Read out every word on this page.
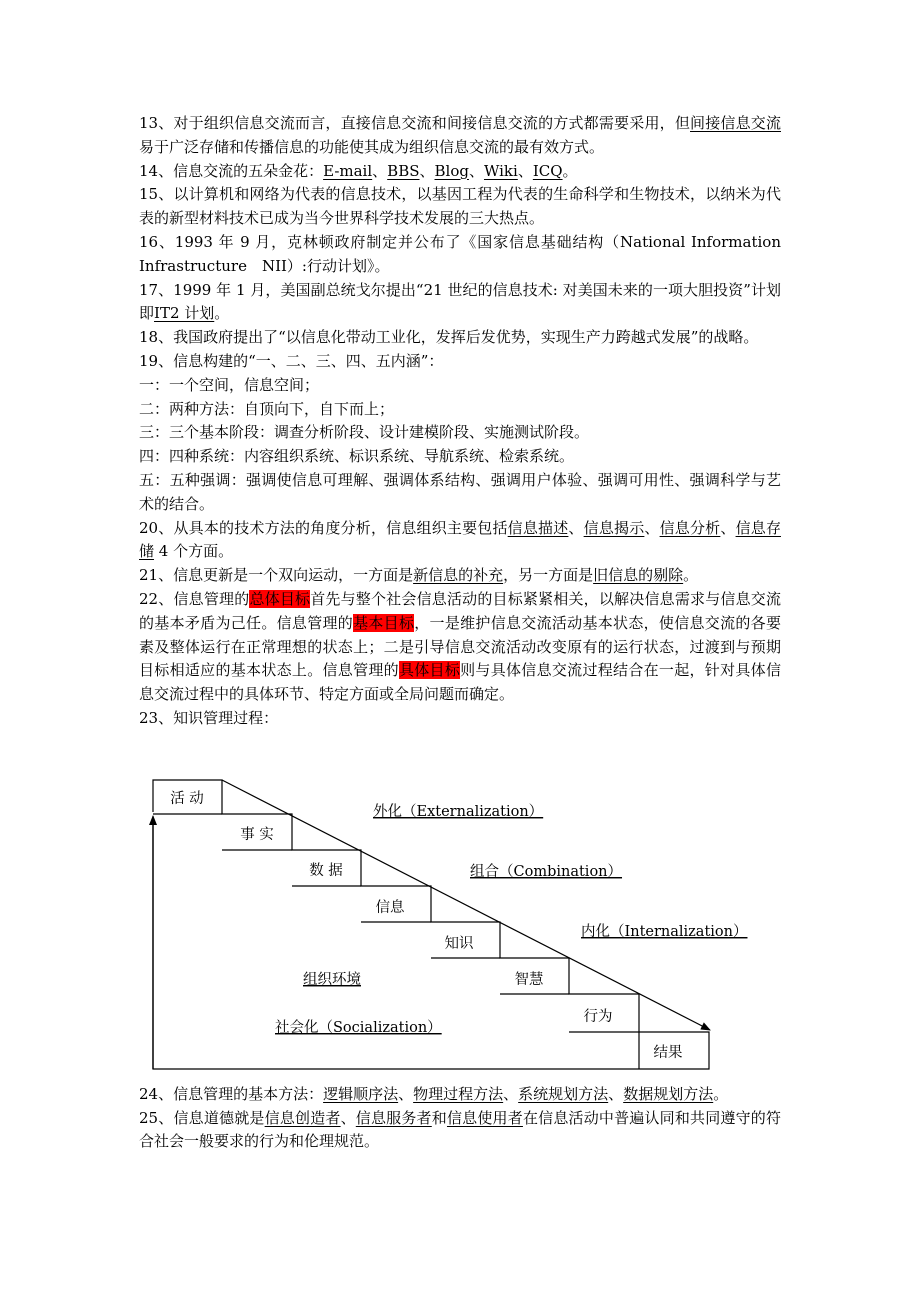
13、对于组织信息交流而言，直接信息交流和间接信息交流的方式都需要采用，但间接信息交流易于广泛存储和传播信息的功能使其成为组织信息交流的最有效方式。

14、信息交流的五朵金花：E-mail、BBS、Blog、Wiki、ICQ。

15、以计算机和网络为代表的信息技术，以基因工程为代表的生命科学和生物技术，以纳米为代表的新型材料技术已成为当今世界科学技术发展的三大热点。

16、1993 年 9 月，克林顿政府制定并公布了《国家信息基础结构（National Information

Infrastructure　NII）:行动计划》。

17、1999 年 1 月，美国副总统戈尔提出“21 世纪的信息技术: 对美国未来的一项大胆投资”计划即IT2 计划。

18、我国政府提出了“以信息化带动工业化，发挥后发优势，实现生产力跨越式发展”的战略。

19、信息构建的“一、二、三、四、五内涵”：

一：一个空间，信息空间；

二：两种方法：自顶向下，自下而上；

三：三个基本阶段：调查分析阶段、设计建模阶段、实施测试阶段。

四：四种系统：内容组织系统、标识系统、导航系统、检索系统。

五：五种强调：强调使信息可理解、强调体系结构、强调用户体验、强调可用性、强调科学与艺术的结合。

20、从具本的技术方法的角度分析，信息组织主要包括信息描述、信息揭示、信息分析、信息存储 4 个方面。

21、信息更新是一个双向运动，一方面是新信息的补充，另一方面是旧信息的剔除。

22、信息管理的总体目标首先与整个社会信息活动的目标紧紧相关，以解决信息需求与信息交流的基本矛盾为己任。信息管理的基本目标，一是维护信息交流活动基本状态，使信息交流的各要素及整体运行在正常理想的状态上；二是引导信息交流活动改变原有的运行状态，过渡到与预期目标相适应的基本状态上。信息管理的具体目标则与具体信息交流过程结合在一起，针对具体信息交流过程中的具体环节、特定方面或全局问题而确定。

23、知识管理过程：

24、信息管理的基本方法：逻辑顺序法、物理过程方法、系统规划方法、数据规划方法。

25、信息道德就是信息创造者、信息服务者和信息使用者在信息活动中普遍认同和共同遵守的符合社会一般要求的行为和伦理规范。

活 动
事 实
数 据
信息
知识
智慧
行为
结果
外化（Externalization）
组合（Combination）
内化（Internalization）
组织环境
社会化（Socialization）
